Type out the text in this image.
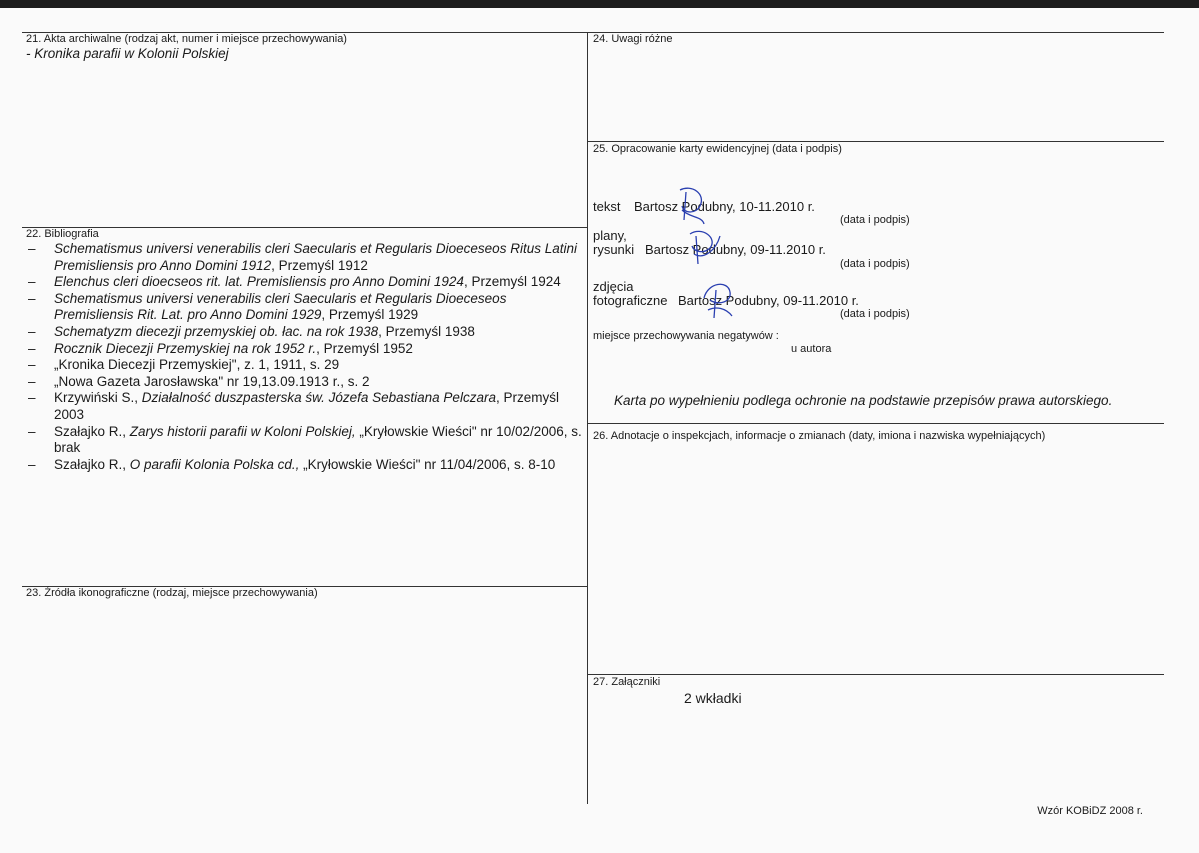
21. Akta archiwalne (rodzaj akt, numer i miejsce przechowywania)
- Kronika parafii w Kolonii Polskiej
22. Bibliografia
– Schematismus universi venerabilis cleri Saecularis et Regularis Dioeceseos Ritus Latini Premisliensis pro Anno Domini 1912, Przemyśl 1912
– Elenchus cleri dioecseos rit. lat. Premisliensis pro Anno Domini 1924, Przemyśl 1924
– Schematismus universi venerabilis cleri Saecularis et Regularis Dioeceseos Premisliensis Rit. Lat. pro Anno Domini 1929, Przemyśl 1929
– Schematyzm diecezji przemyskiej ob. łac. na rok 1938, Przemyśl 1938
– Rocznik Diecezji Przemyskiej na rok 1952 r., Przemyśl 1952
– „Kronika Diecezji Przemyskiej", z. 1, 1911, s. 29
– „Nowa Gazeta Jarosławska" nr 19,13.09.1913 r., s. 2
– Krzywiński S., Działalność duszpasterska św. Józefa Sebastiana Pelczara, Przemyśl 2003
– Szałajko R., Zarys historii parafii w Koloni Polskiej, „Kryłowskie Wieści" nr 10/02/2006, s. brak
– Szałajko R., O parafii Kolonia Polska cd., „Kryłowskie Wieści" nr 11/04/2006, s. 8-10
23. Źródła ikonograficzne (rodzaj, miejsce przechowywania)
24. Uwagi różne
25. Opracowanie karty ewidencyjnej (data i podpis)
tekst Bartosz Podubny, 10-11.2010 r.
(data i podpis)
plany,
rysunki Bartosz Podubny, 09-11.2010 r.
(data i podpis)
zdjęcia
fotograficzne Bartosz Podubny, 09-11.2010 r.
(data i podpis)
miejsce przechowywania negatywów :
u autora
Karta po wypełnieniu podlega ochronie na podstawie przepisów prawa autorskiego.
26. Adnotacje o inspekcjach, informacje o zmianach (daty, imiona i nazwiska wypełniających)
27. Załączniki
2 wkładki
Wzór KOBiDZ 2008 r.
